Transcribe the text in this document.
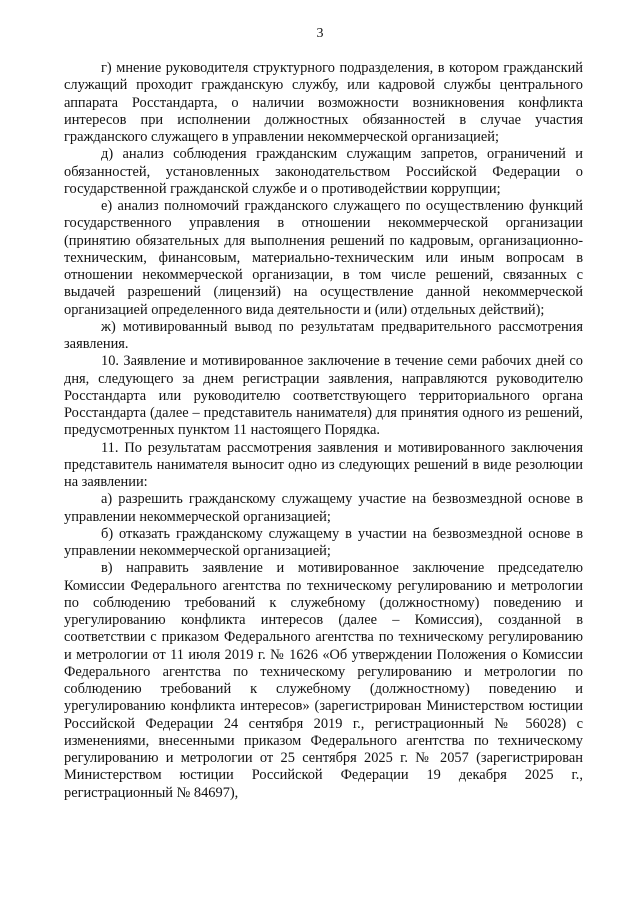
3

г) мнение руководителя структурного подразделения, в котором гражданский служащий проходит гражданскую службу, или кадровой службы центрального аппарата Росстандарта, о наличии возможности возникновения конфликта интересов при исполнении должностных обязанностей в случае участия гражданского служащего в управлении некоммерческой организацией;

д) анализ соблюдения гражданским служащим запретов, ограничений и обязанностей, установленных законодательством Российской Федерации о государственной гражданской службе и о противодействии коррупции;

е) анализ полномочий гражданского служащего по осуществлению функций государственного управления в отношении некоммерческой организации (принятию обязательных для выполнения решений по кадровым, организационно-техническим, финансовым, материально-техническим или иным вопросам в отношении некоммерческой организации, в том числе решений, связанных с выдачей разрешений (лицензий) на осуществление данной некоммерческой организацией определенного вида деятельности и (или) отдельных действий);

ж) мотивированный вывод по результатам предварительного рассмотрения заявления.

10. Заявление и мотивированное заключение в течение семи рабочих дней со дня, следующего за днем регистрации заявления, направляются руководителю Росстандарта или руководителю соответствующего территориального органа Росстандарта (далее – представитель нанимателя) для принятия одного из решений, предусмотренных пунктом 11 настоящего Порядка.

11. По результатам рассмотрения заявления и мотивированного заключения представитель нанимателя выносит одно из следующих решений в виде резолюции на заявлении:

а) разрешить гражданскому служащему участие на безвозмездной основе в управлении некоммерческой организацией;

б) отказать гражданскому служащему в участии на безвозмездной основе в управлении некоммерческой организацией;

в) направить заявление и мотивированное заключение председателю Комиссии Федерального агентства по техническому регулированию и метрологии по соблюдению требований к служебному (должностному) поведению и урегулированию конфликта интересов (далее – Комиссия), созданной в соответствии с приказом Федерального агентства по техническому регулированию и метрологии от 11 июля 2019 г. № 1626 «Об утверждении Положения о Комиссии Федерального агентства по техническому регулированию и метрологии по соблюдению требований к служебному (должностному) поведению и урегулированию конфликта интересов» (зарегистрирован Министерством юстиции Российской Федерации 24 сентября 2019 г., регистрационный № 56028) с изменениями, внесенными приказом Федерального агентства по техническому регулированию и метрологии от 25 сентября 2025 г. № 2057 (зарегистрирован Министерством юстиции Российской Федерации 19 декабря 2025 г., регистрационный № 84697),
